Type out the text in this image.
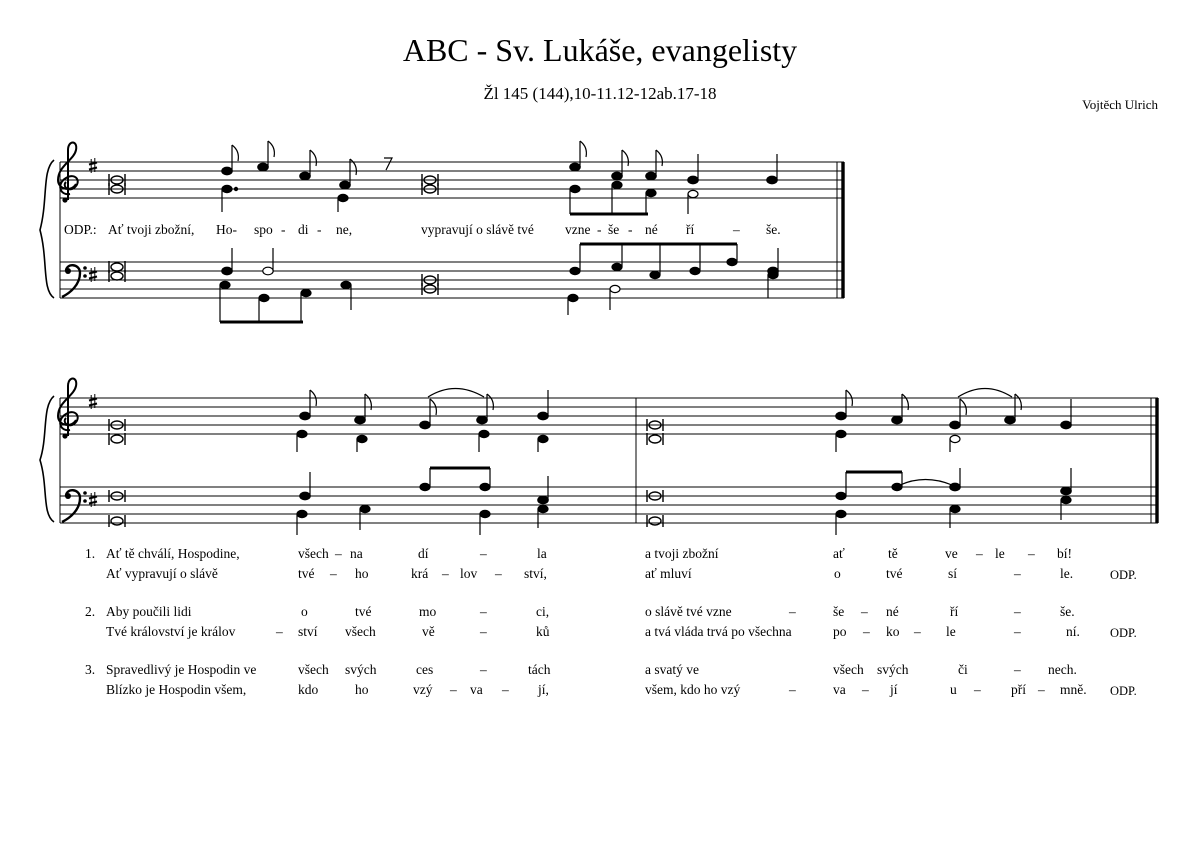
ABC - Sv. Lukáše, evangelisty
Žl 145 (144),10-11.12-12ab.17-18
Vojtěch Ulrich
ODP.: Ať tvoji zbožní, Ho- spo - di - ne,	vypravují o slávě tvé vzne - še - né ří	– še.
1. Ať tě chválí, Hospodine,	všech – na	dí	–	la	a tvoji zbožní	ať	tě	ve – le – bí!
Ať vypravují o slávě	tvé – ho	krá – lov – ství,	ať mluví	o	tvé	sí	–	le.	ODP.
2. Aby poučili lidi	o	tvé	mo	–	ci,	o slávě tvé vzne	–	še – né	ří	–	še.
Tvé království je králov	– ství všech	vě	–	ků	a tvá vláda trvá po všechna	po – ko – le	–	ní. ODP.
3. Spravedlivý je Hospodin ve	všech svých	ces	–	tách	a svatý ve	všech svých	či	– nech.
Blízko je Hospodin všem,	kdo	ho	vzý – va – jí,	všem, kdo ho vzý	–	va – jí	u – pří – mně. ODP.
